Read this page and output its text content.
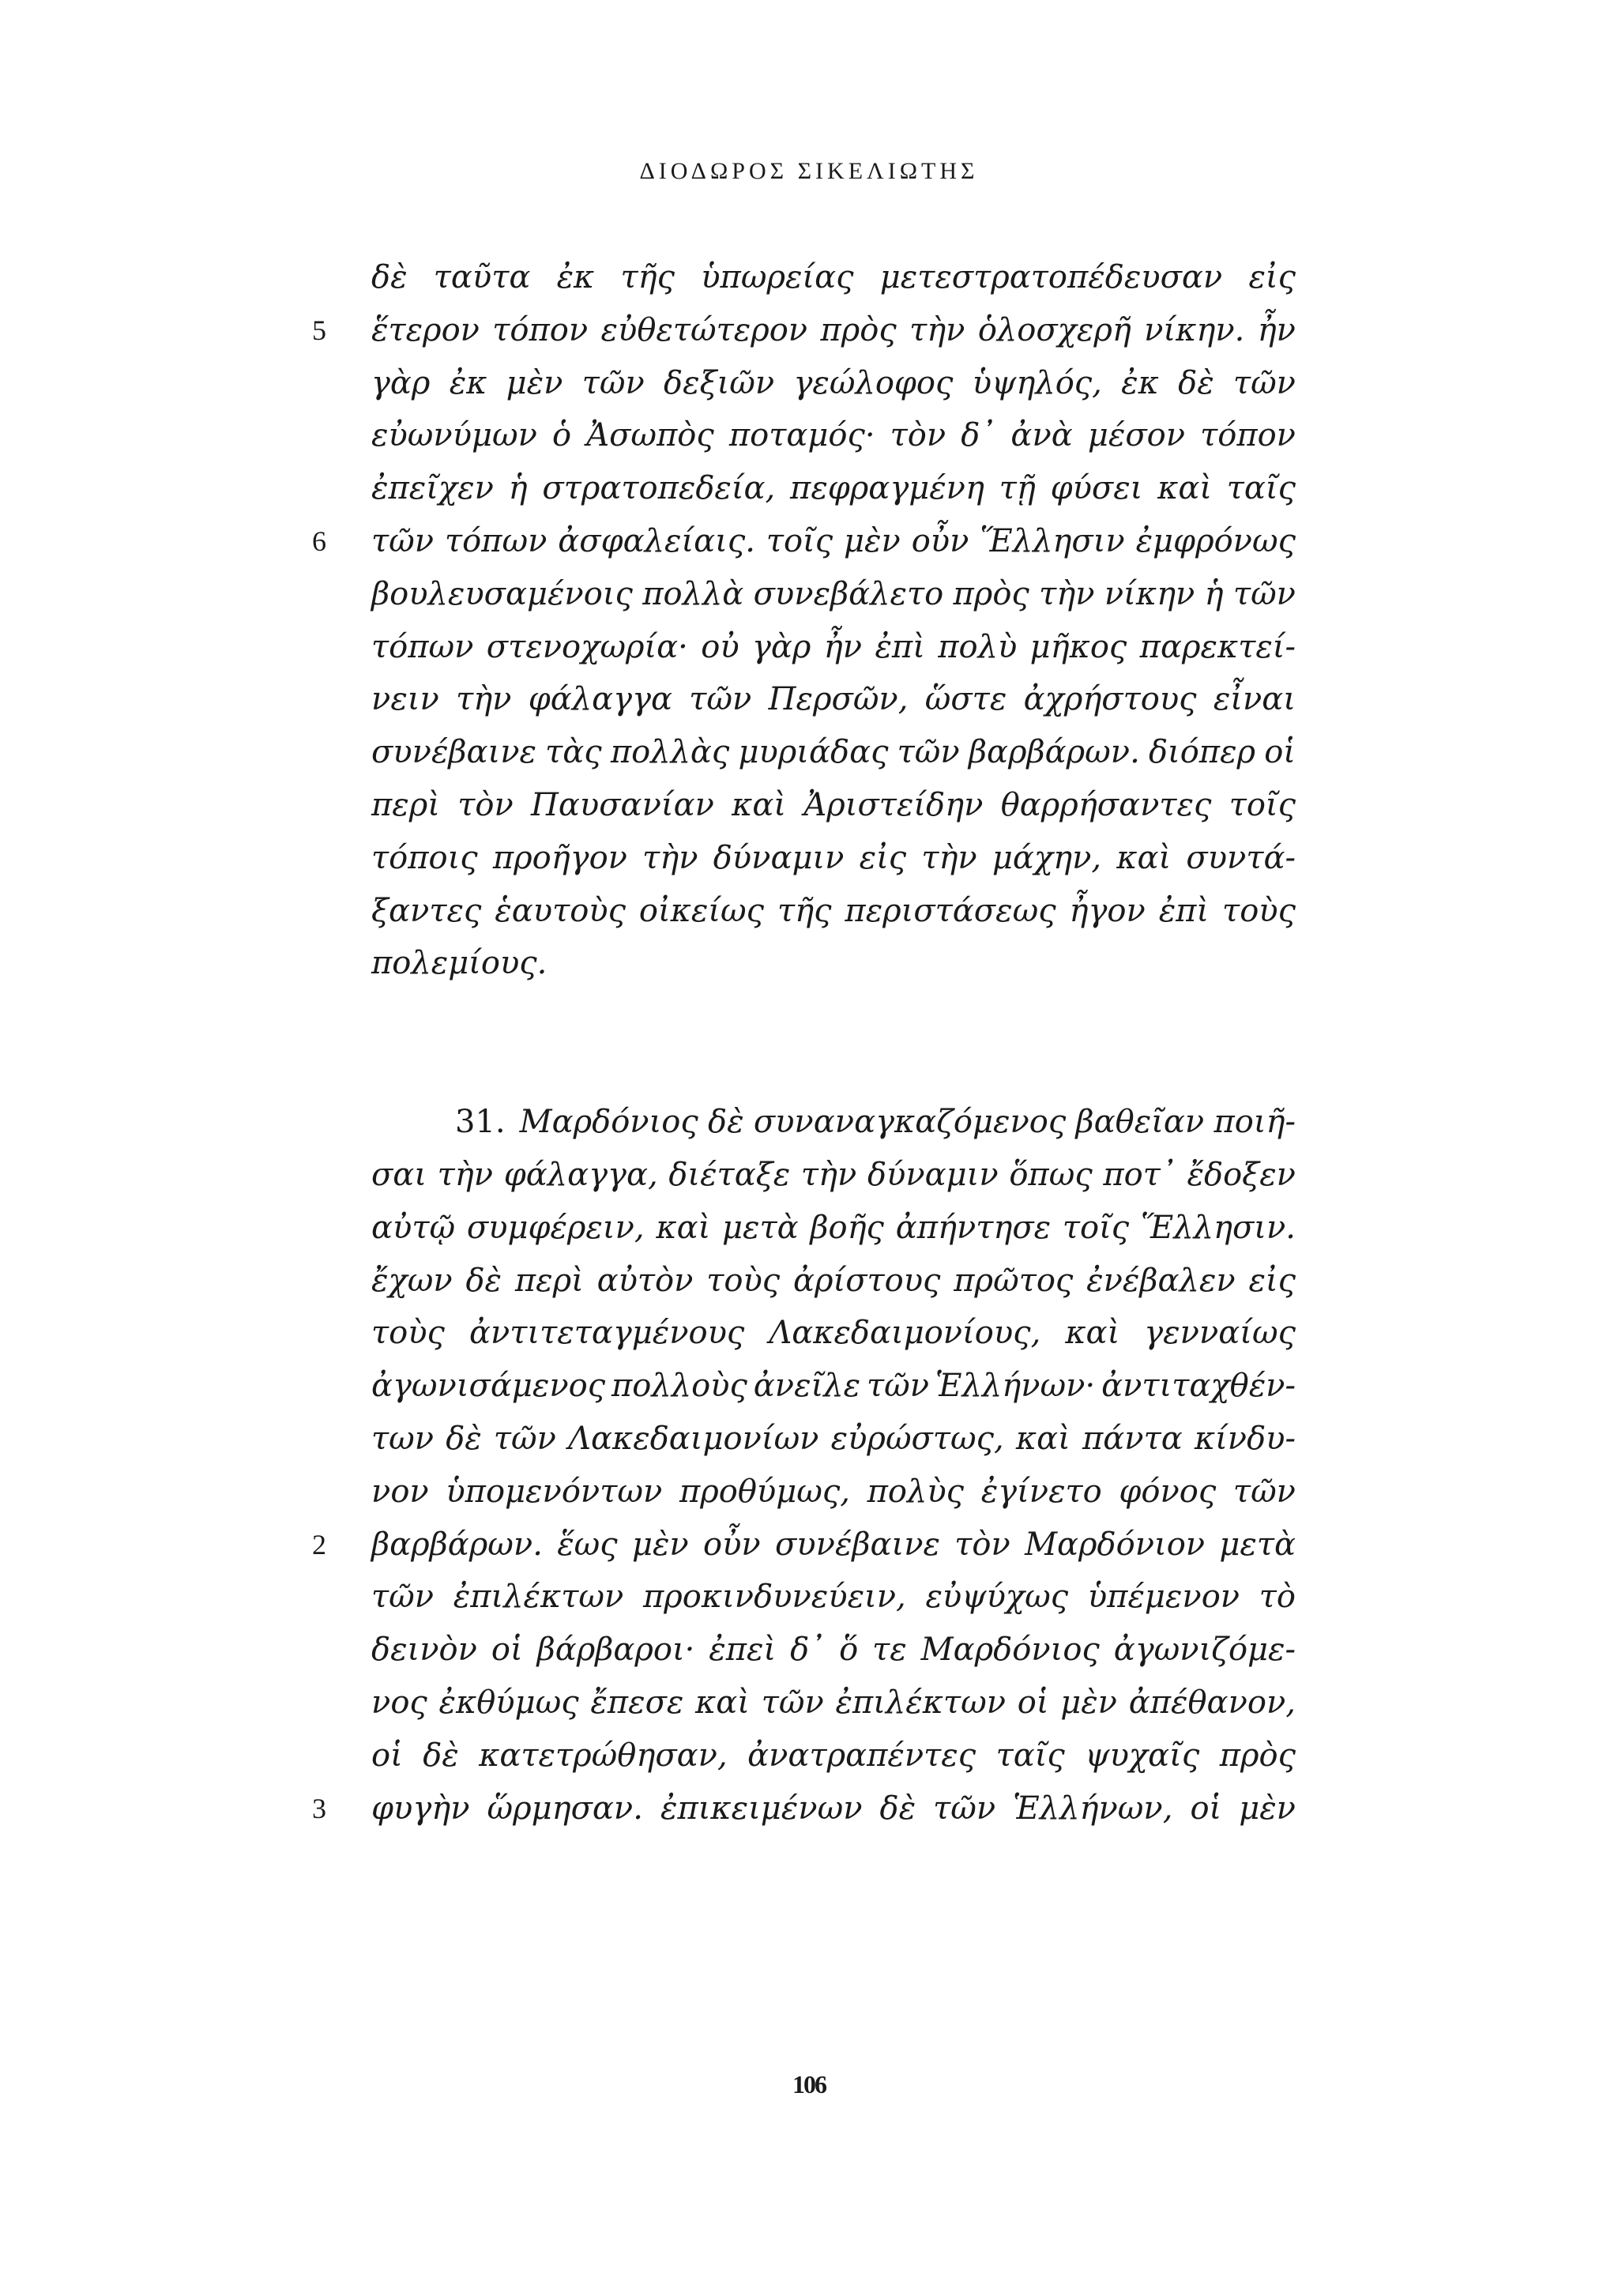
ΔΙΟΔΩΡΟΣ ΣΙΚΕΛΙΩΤΗΣ
δὲ ταῦτα ἐκ τῆς ὑπωρείας μετεστρατοπέδευσαν εἰς
5	ἕτερον τόπον εὐθετώτερον πρὸς τὴν ὁλοσχερῆ νίκην. ἦν
γὰρ ἐκ μὲν τῶν δεξιῶν γεώλοφος ὑψηλός, ἐκ δὲ τῶν
εὐωνύμων ὁ Ἀσωπὸς ποταμός· τὸν δ᾽ ἀνὰ μέσον τόπον
ἐπεῖχεν ἡ στρατοπεδεία, πεφραγμένη τῇ φύσει καὶ ταῖς
6	τῶν τόπων ἀσφαλείαις. τοῖς μὲν οὖν Ἕλλησιν ἐμφρόνως
βουλευσαμένοις πολλὰ συνεβάλετο πρὸς τὴν νίκην ἡ τῶν
τόπων στενοχωρία· οὐ γὰρ ἦν ἐπὶ πολὺ μῆκος παρεκτεί-
νειν τὴν φάλαγγα τῶν Περσῶν, ὥστε ἀχρήστους εἶναι
συνέβαινε τὰς πολλὰς μυριάδας τῶν βαρβάρων. διόπερ οἱ
περὶ τὸν Παυσανίαν καὶ Ἀριστείδην θαρρήσαντες τοῖς
τόποις προῆγον τὴν δύναμιν εἰς τὴν μάχην, καὶ συντά-
ξαντες ἑαυτοὺς οἰκείως τῆς περιστάσεως ἦγον ἐπὶ τοὺς
πολεμίους.
31. Μαρδόνιος δὲ συναναγκαζόμενος βαθεῖαν ποιῆ-
σαι τὴν φάλαγγα, διέταξε τὴν δύναμιν ὅπως ποτ᾽ ἔδοξεν
αὐτῷ συμφέρειν, καὶ μετὰ βοῆς ἀπήντησε τοῖς Ἕλλησιν.
ἔχων δὲ περὶ αὐτὸν τοὺς ἀρίστους πρῶτος ἐνέβαλεν εἰς
τοὺς ἀντιτεταγμένους Λακεδαιμονίους, καὶ γενναίως
ἀγωνισάμενος πολλοὺς ἀνεῖλε τῶν Ἑλλήνων· ἀντιταχθέν-
των δὲ τῶν Λακεδαιμονίων εὐρώστως, καὶ πάντα κίνδυ-
νον ὑπομενόντων προθύμως, πολὺς ἐγίνετο φόνος τῶν
2	βαρβάρων. ἕως μὲν οὖν συνέβαινε τὸν Μαρδόνιον μετὰ
τῶν ἐπιλέκτων προκινδυνεύειν, εὐψύχως ὑπέμενον τὸ
δεινὸν οἱ βάρβαροι· ἐπεὶ δ᾽ ὅ τε Μαρδόνιος ἀγωνιζόμε-
νος ἐκθύμως ἔπεσε καὶ τῶν ἐπιλέκτων οἱ μὲν ἀπέθανον,
οἱ δὲ κατετρώθησαν, ἀνατραπέντες ταῖς ψυχαῖς πρὸς
3	φυγὴν ὥρμησαν. ἐπικειμένων δὲ τῶν Ἑλλήνων, οἱ μὲν
106
